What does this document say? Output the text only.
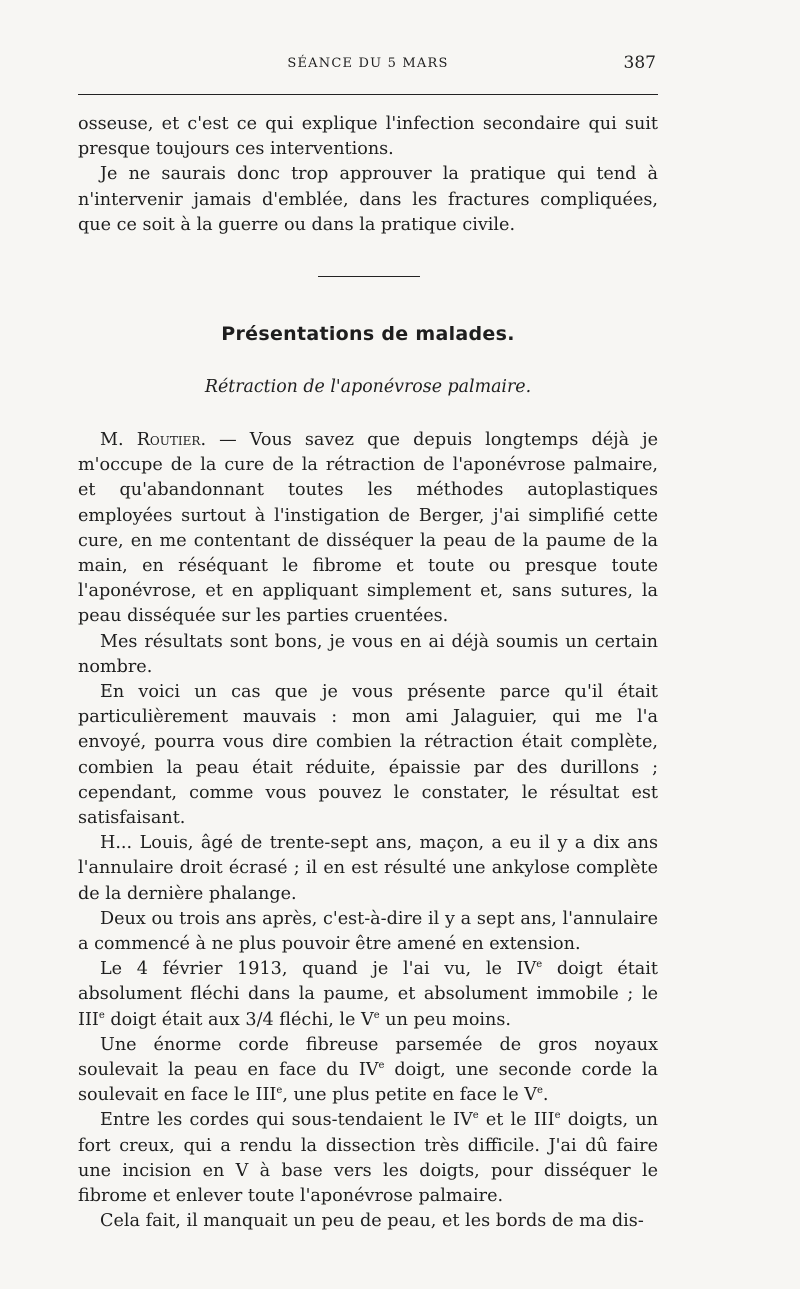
SÉANCE DU 5 MARS	387

osseuse, et c'est ce qui explique l'infection secondaire qui suit presque toujours ces interventions.

Je ne saurais donc trop approuver la pratique qui tend à n'intervenir jamais d'emblée, dans les fractures compliquées, que ce soit à la guerre ou dans la pratique civile.

Présentations de malades.
Rétraction de l'aponévrose palmaire.

M. Routier. — Vous savez que depuis longtemps déjà je m'occupe de la cure de la rétraction de l'aponévrose palmaire, et qu'abandonnant toutes les méthodes autoplastiques employées surtout à l'instigation de Berger, j'ai simplifié cette cure, en me contentant de disséquer la peau de la paume de la main, en réséquant le fibrome et toute ou presque toute l'aponévrose, et en appliquant simplement et, sans sutures, la peau disséquée sur les parties cruentées.

Mes résultats sont bons, je vous en ai déjà soumis un certain nombre.

En voici un cas que je vous présente parce qu'il était particulièrement mauvais : mon ami Jalaguier, qui me l'a envoyé, pourra vous dire combien la rétraction était complète, combien la peau était réduite, épaissie par des durillons ; cependant, comme vous pouvez le constater, le résultat est satisfaisant.

H... Louis, âgé de trente-sept ans, maçon, a eu il y a dix ans l'annulaire droit écrasé ; il en est résulté une ankylose complète de la dernière phalange.

Deux ou trois ans après, c'est-à-dire il y a sept ans, l'annulaire a commencé à ne plus pouvoir être amené en extension.

Le 4 février 1913, quand je l'ai vu, le IVe doigt était absolument fléchi dans la paume, et absolument immobile ; le IIIe doigt était aux 3/4 fléchi, le Ve un peu moins.

Une énorme corde fibreuse parsemée de gros noyaux soulevait la peau en face du IVe doigt, une seconde corde la soulevait en face le IIIe, une plus petite en face le Ve.

Entre les cordes qui sous-tendaient le IVe et le IIIe doigts, un fort creux, qui a rendu la dissection très difficile. J'ai dû faire une incision en V à base vers les doigts, pour disséquer le fibrome et enlever toute l'aponévrose palmaire.

Cela fait, il manquait un peu de peau, et les bords de ma dis-
